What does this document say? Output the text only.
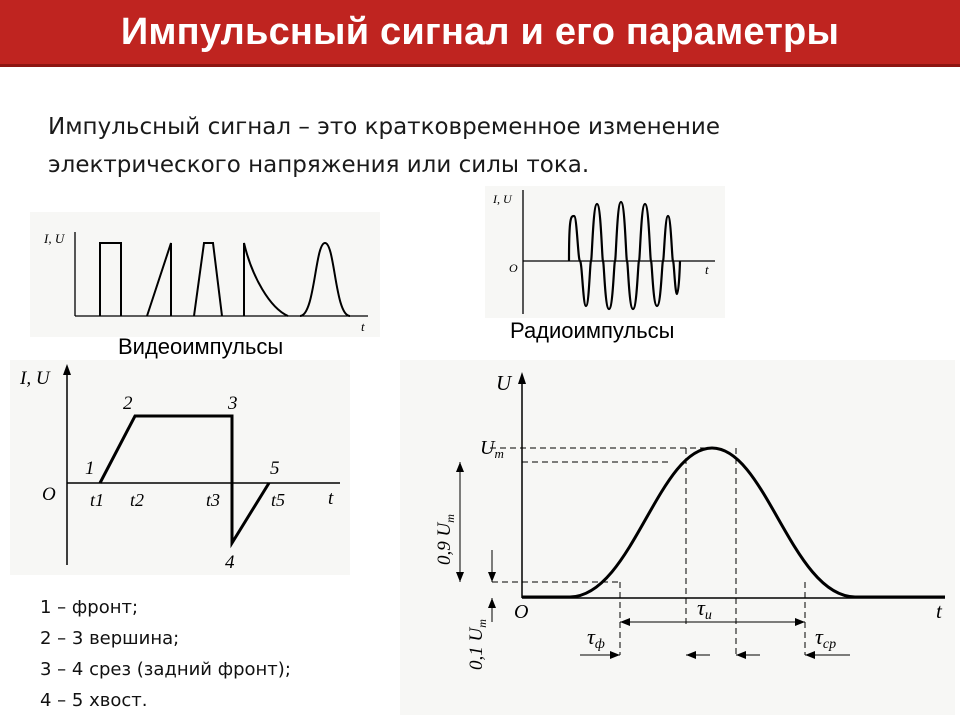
Импульсный сигнал и его параметры
Импульсный сигнал – это кратковременное изменение
электрического напряжения или силы тока.
I, U
t
Видеоимпульсы
I, U
O	t
Радиоимпульсы
I, U
O	t
1
2	3
4
5
t1 t2	t3	t5
U
O	t
$U_m$
0,9 $U_m$
0,1 $U_m$
τи
τф	τср
1 – фронт;
2 – 3 вершина;
3 – 4 срез (задний фронт);
4 – 5 хвост.
